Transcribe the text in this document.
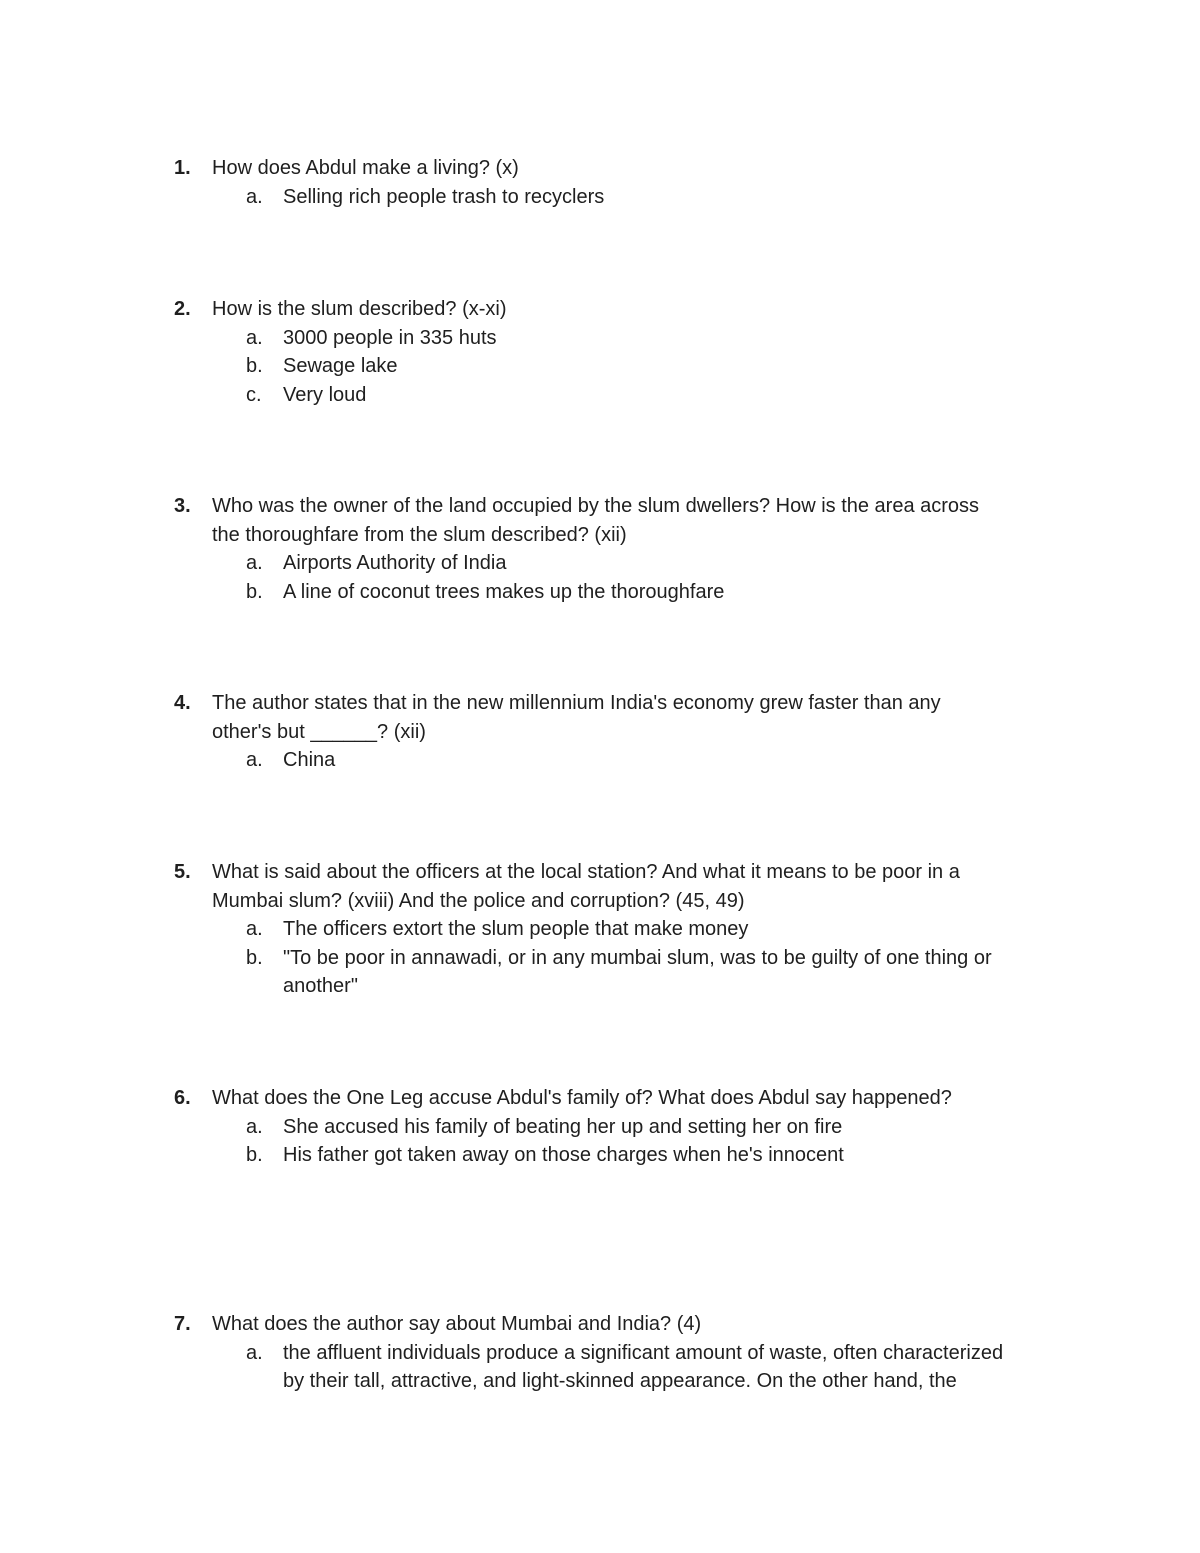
1. How does Abdul make a living? (x)
a. Selling rich people trash to recyclers
2. How is the slum described? (x-xi)
a. 3000 people in 335 huts
b. Sewage lake
c. Very loud
3. Who was the owner of the land occupied by the slum dwellers? How is the area across
the thoroughfare from the slum described? (xii)
a. Airports Authority of India
b. A line of coconut trees makes up the thoroughfare
4. The author states that in the new millennium India's economy grew faster than any
other's but ______? (xii)
a. China
5. What is said about the officers at the local station? And what it means to be poor in a
Mumbai slum? (xviii) And the police and corruption? (45, 49)
a. The officers extort the slum people that make money
b. "To be poor in annawadi, or in any mumbai slum, was to be guilty of one thing or
another"
6. What does the One Leg accuse Abdul's family of? What does Abdul say happened?
a. She accused his family of beating her up and setting her on fire
b. His father got taken away on those charges when he's innocent
7. What does the author say about Mumbai and India? (4)
a. the affluent individuals produce a significant amount of waste, often characterized
by their tall, attractive, and light-skinned appearance. On the other hand, the
